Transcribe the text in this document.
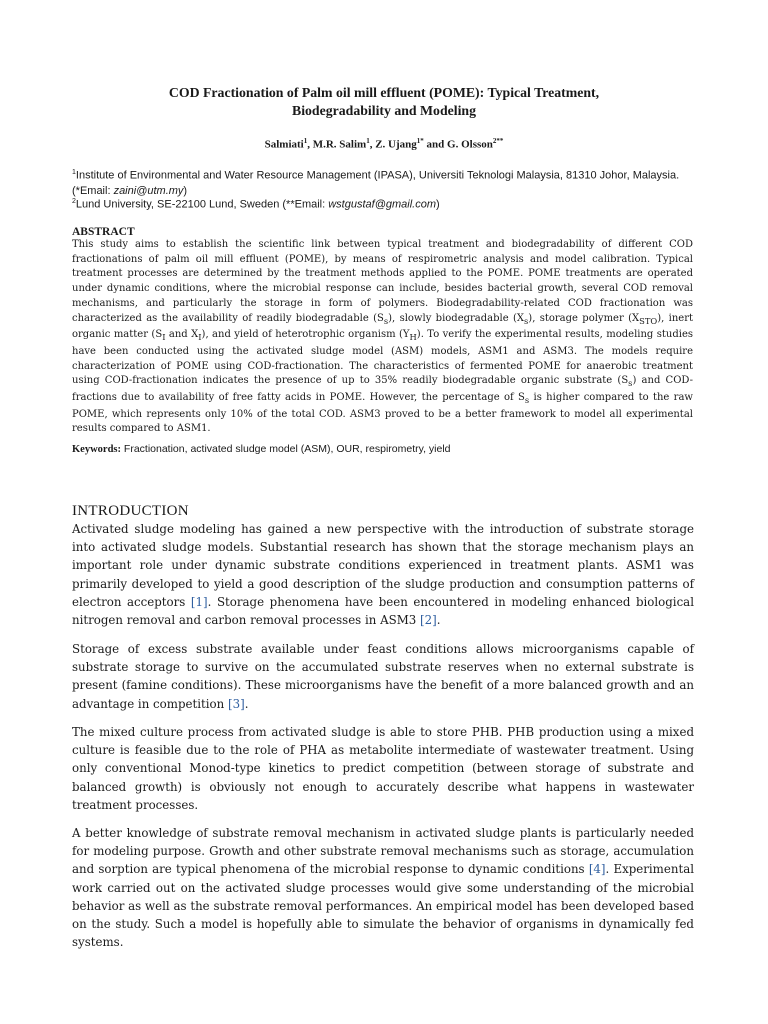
COD Fractionation of Palm oil mill effluent (POME): Typical Treatment,
Biodegradability and Modeling
Salmiati$^1$, M.R. Salim$^1$, Z. Ujang$^{1*}$ and G. Olsson$^{2**}$

$^1$Institute of Environmental and Water Resource Management (IPASA), Universiti Teknologi Malaysia, 81310 Johor, Malaysia. (*Email: zaini@utm.my)

$^2$Lund University, SE-22100 Lund, Sweden (**Email: wstgustaf@gmail.com)

ABSTRACT

This study aims to establish the scientific link between typical treatment and biodegradability of different COD fractionations of palm oil mill effluent (POME), by means of respirometric analysis and model calibration. Typical treatment processes are determined by the treatment methods applied to the POME. POME treatments are operated under dynamic conditions, where the microbial response can include, besides bacterial growth, several COD removal mechanisms, and particularly the storage in form of polymers. Biodegradability-related COD fractionation was characterized as the availability of readily biodegradable $(S_s)$, slowly biodegradable $(X_s)$, storage polymer $(X_{STO})$, inert organic matter ($S_I$ and $X_I$), and yield of heterotrophic organism $(Y_H)$. To verify the experimental results, modeling studies have been conducted using the activated sludge model (ASM) models, ASM1 and ASM3. The models require characterization of POME using COD-fractionation. The characteristics of fermented POME for anaerobic treatment using COD-fractionation indicates the presence of up to 35% readily biodegradable organic substrate $(S_s)$ and COD-fractions due to availability of free fatty acids in POME. However, the percentage of $S_s$ is higher compared to the raw POME, which represents only 10% of the total COD. ASM3 proved to be a better framework to model all experimental results compared to ASM1.

Keywords: Fractionation, activated sludge model (ASM), OUR, respirometry, yield

INTRODUCTION

Activated sludge modeling has gained a new perspective with the introduction of substrate storage into activated sludge models. Substantial research has shown that the storage mechanism plays an important role under dynamic substrate conditions experienced in treatment plants. ASM1 was primarily developed to yield a good description of the sludge production and consumption patterns of electron acceptors [1]. Storage phenomena have been encountered in modeling enhanced biological nitrogen removal and carbon removal processes in ASM3 [2].

Storage of excess substrate available under feast conditions allows microorganisms capable of substrate storage to survive on the accumulated substrate reserves when no external substrate is present (famine conditions). These microorganisms have the benefit of a more balanced growth and an advantage in competition [3].

The mixed culture process from activated sludge is able to store PHB. PHB production using a mixed culture is feasible due to the role of PHA as metabolite intermediate of wastewater treatment. Using only conventional Monod-type kinetics to predict competition (between storage of substrate and balanced growth) is obviously not enough to accurately describe what happens in wastewater treatment processes.

A better knowledge of substrate removal mechanism in activated sludge plants is particularly needed for modeling purpose. Growth and other substrate removal mechanisms such as storage, accumulation and sorption are typical phenomena of the microbial response to dynamic conditions [4]. Experimental work carried out on the activated sludge processes would give some understanding of the microbial behavior as well as the substrate removal performances. An empirical model has been developed based on the study. Such a model is hopefully able to simulate the behavior of organisms in dynamically fed systems.
